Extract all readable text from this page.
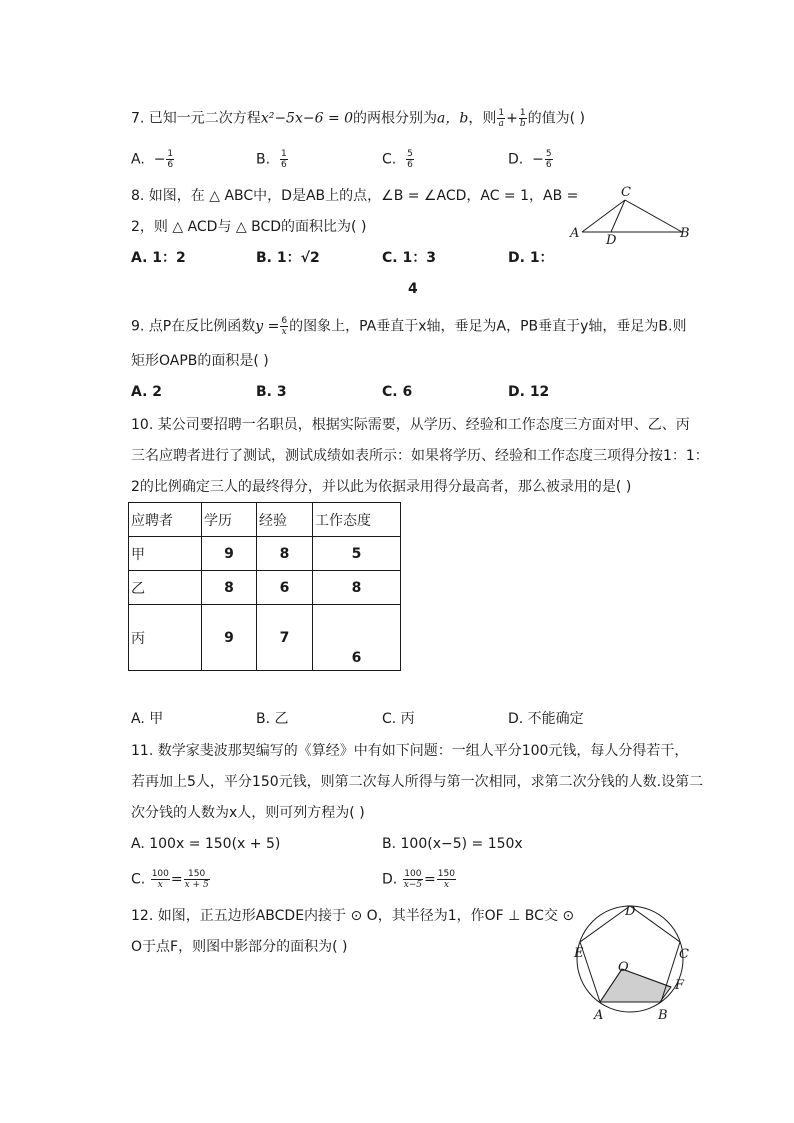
7. 已知一元二次方程x²−5x−6 = 0的两根分别为a，b，则 $\frac{1}{a} + \frac{1}{b}$ 的值为( )
A. − $\frac{1}{6}$	B. $\frac{1}{6}$	C. $\frac{5}{6}$	D. − $\frac{5}{6}$
8. 如图，在 △ ABC中，D是AB上的点，∠B = ∠ACD，AC = 1，AB =
2，则 △ ACD与 △ BCD的面积比为( )
A. 1：2	B. 1：√2	C. 1：3	D. 1：
4
A	B
C
D
9. 点P在反比例函数$y = \frac{6}{x}$ 的图象上，PA垂直于x轴，垂足为A，PB垂直于y轴，垂足为B.则
矩形OAPB的面积是( )
A. 2	B. 3	C. 6	D. 12
10. 某公司要招聘一名职员，根据实际需要，从学历、经验和工作态度三方面对甲、乙、丙
三名应聘者进行了测试，测试成绩如表所示：如果将学历、经验和工作态度三项得分按1：1：
2的比例确定三人的最终得分，并以此为依据录用得分最高者，那么被录用的是( )
应聘者	学历	经验	工作态度
甲	9	8	5
乙	8	6	8
丙	9	7	6
A. 甲	B. 乙	C. 丙	D. 不能确定
11. 数学家斐波那契编写的《算经》中有如下问题：一组人平分100元钱，每人分得若干，
若再加上5人，平分150元钱，则第二次每人所得与第一次相同，求第二次分钱的人数.设第二
次分钱的人数为x人，则可列方程为( )
A. 100x = 150(x + 5)	B. 100(x−5) = 150x
C. $\frac{100}{x} = \frac{150}{x + 5}$	D. $\frac{100}{x-5} = \frac{150}{x}$
12. 如图，正五边形ABCDE内接于 ⊙ O，其半径为1，作OF ⊥ BC交 ⊙
O于点F，则图中影部分的面积为( )
D
E	C
O
F
A	B
